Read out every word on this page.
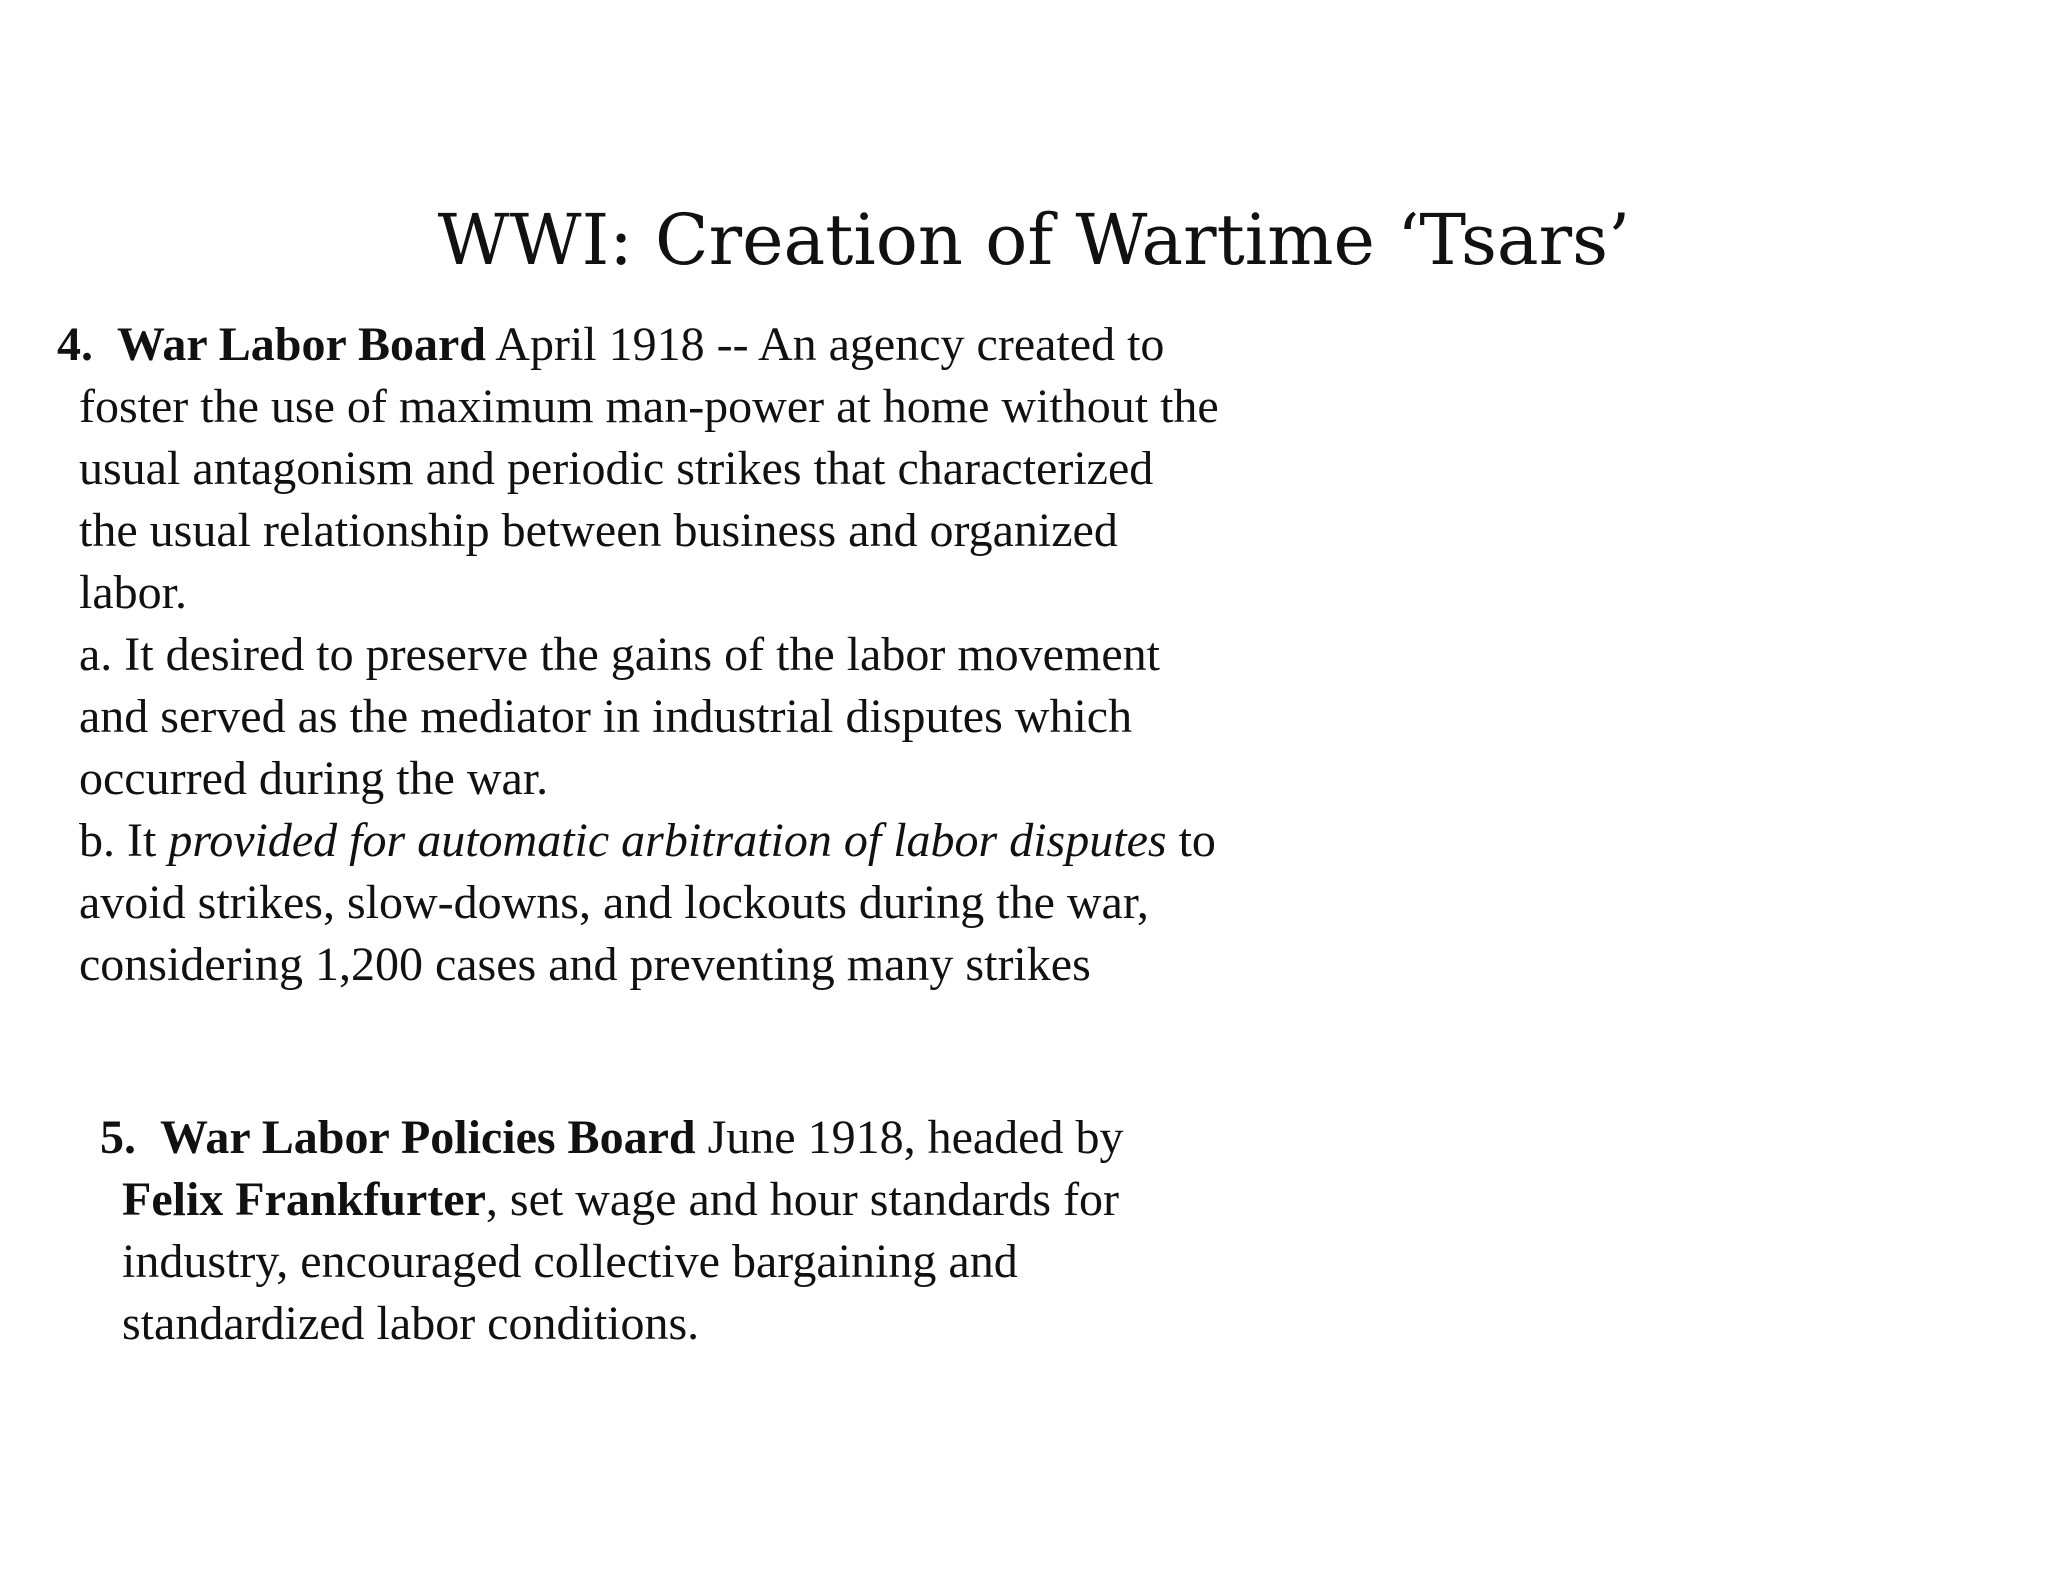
WWI: Creation of Wartime ‘Tsars’
4. War Labor Board April 1918 -- An agency created to
foster the use of maximum man-power at home without the
usual antagonism and periodic strikes that characterized
the usual relationship between business and organized
labor.
a. It desired to preserve the gains of the labor movement
and served as the mediator in industrial disputes which
occurred during the war.
b. It provided for automatic arbitration of labor disputes to
avoid strikes, slow-downs, and lockouts during the war,
considering 1,200 cases and preventing many strikes
5. War Labor Policies Board June 1918, headed by
Felix Frankfurter, set wage and hour standards for
industry, encouraged collective bargaining and
standardized labor conditions.
